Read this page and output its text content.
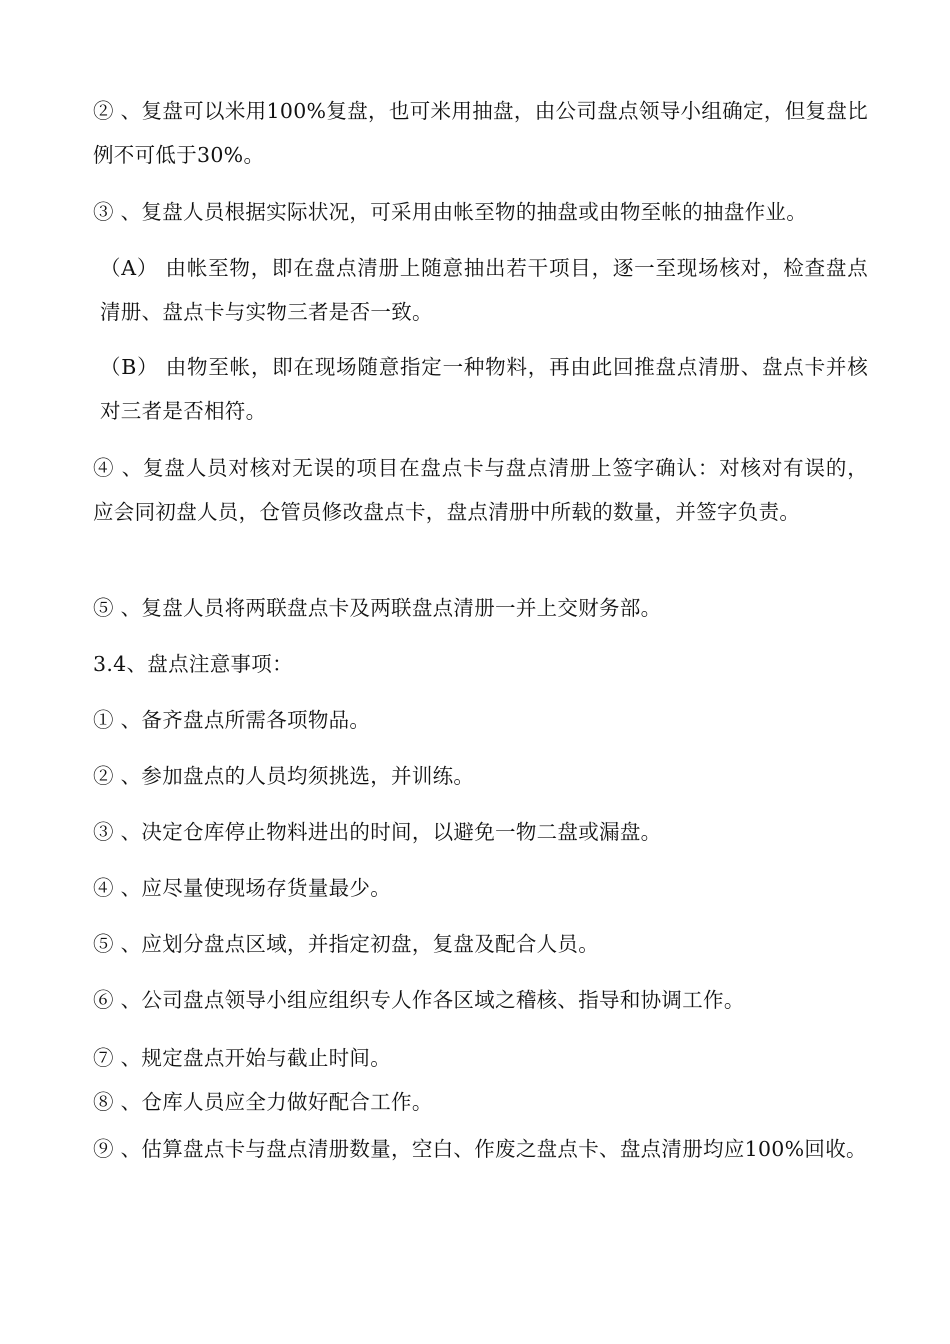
② 、复盘可以米用100%复盘，也可米用抽盘，由公司盘点领导小组确定，但复盘比例不可低于30%。

③ 、复盘人员根据实际状况，可采用由帐至物的抽盘或由物至帐的抽盘作业。

（A） 由帐至物，即在盘点清册上随意抽出若干项目，逐一至现场核对，检查盘点清册、盘点卡与实物三者是否一致。

（B） 由物至帐，即在现场随意指定一种物料，再由此回推盘点清册、盘点卡并核对三者是否相符。

④ 、复盘人员对核对无误的项目在盘点卡与盘点清册上签字确认：对核对有误的，应会同初盘人员，仓管员修改盘点卡，盘点清册中所载的数量，并签字负责。

⑤ 、复盘人员将两联盘点卡及两联盘点清册一并上交财务部。

3.4、盘点注意事项：

① 、备齐盘点所需各项物品。

② 、参加盘点的人员均须挑选，并训练。

③ 、决定仓库停止物料进出的时间，以避免一物二盘或漏盘。

④ 、应尽量使现场存货量最少。

⑤ 、应划分盘点区域，并指定初盘，复盘及配合人员。

⑥ 、公司盘点领导小组应组织专人作各区域之稽核、指导和协调工作。

⑦ 、规定盘点开始与截止时间。

⑧ 、仓库人员应全力做好配合工作。

⑨ 、估算盘点卡与盘点清册数量，空白、作废之盘点卡、盘点清册均应100%回收。
